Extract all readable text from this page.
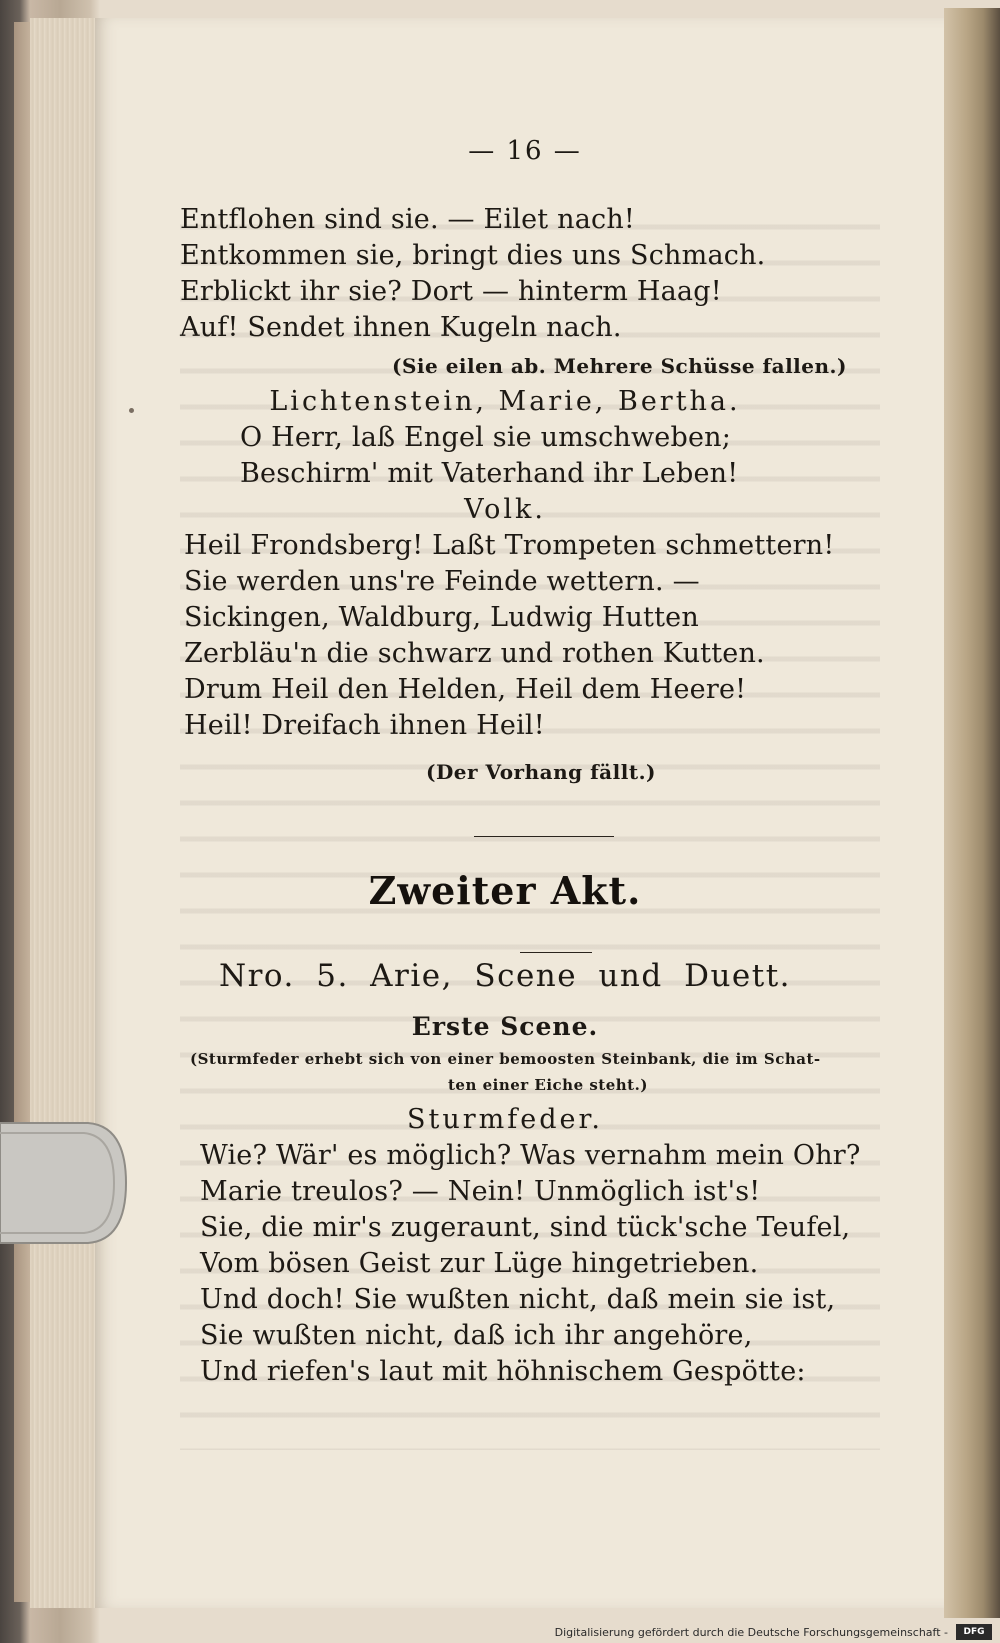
— 16 —
Entflohen sind sie. — Eilet nach!
Entkommen sie, bringt dies uns Schmach.
Erblickt ihr sie? Dort — hinterm Haag!
Auf! Sendet ihnen Kugeln nach.
(Sie eilen ab. Mehrere Schüsse fallen.)
Lichtenstein, Marie, Bertha.
O Herr, laß Engel sie umschweben;
Beschirm' mit Vaterhand ihr Leben!
Volk.
Heil Frondsberg! Laßt Trompeten schmettern!
Sie werden uns're Feinde wettern. —
Sickingen, Waldburg, Ludwig Hutten
Zerbläu'n die schwarz und rothen Kutten.
Drum Heil den Helden, Heil dem Heere!
Heil! Dreifach ihnen Heil!
(Der Vorhang fällt.)
Zweiter Akt.
Nro. 5. Arie, Scene und Duett.
Erste Scene.
(Sturmfeder erhebt sich von einer bemoosten Steinbank, die im Schat-
ten einer Eiche steht.)
Sturmfeder.
Wie? Wär' es möglich? Was vernahm mein Ohr?
Marie treulos? — Nein! Unmöglich ist's!
Sie, die mir's zugeraunt, sind tück'sche Teufel,
Vom bösen Geist zur Lüge hingetrieben.
Und doch! Sie wußten nicht, daß mein sie ist,
Sie wußten nicht, daß ich ihr angehöre,
Und riefen's laut mit höhnischem Gespötte:
Digitalisierung gefördert durch die Deutsche Forschungsgemeinschaft -	DFG
